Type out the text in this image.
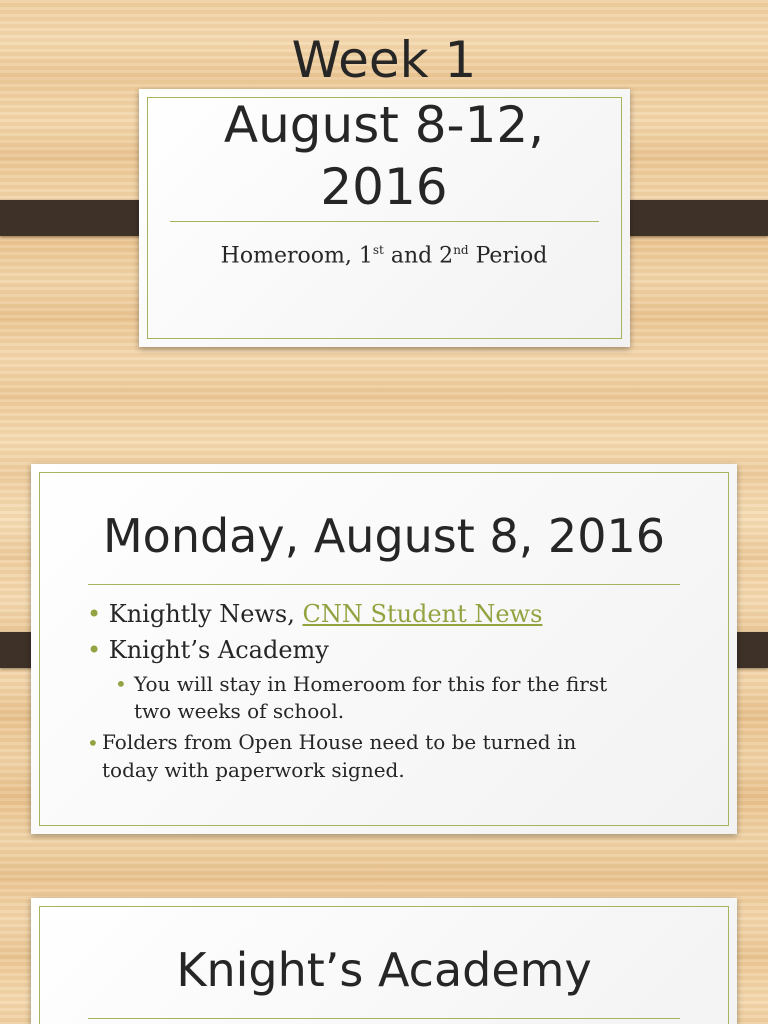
Week 1
August 8-12,
2016
Homeroom, 1st and 2nd Period
Monday, August 8, 2016
• Knightly News, CNN Student News
• Knight’s Academy
• You will stay in Homeroom for this for the first
two weeks of school.
• Folders from Open House need to be turned in
today with paperwork signed.
Knight’s Academy
